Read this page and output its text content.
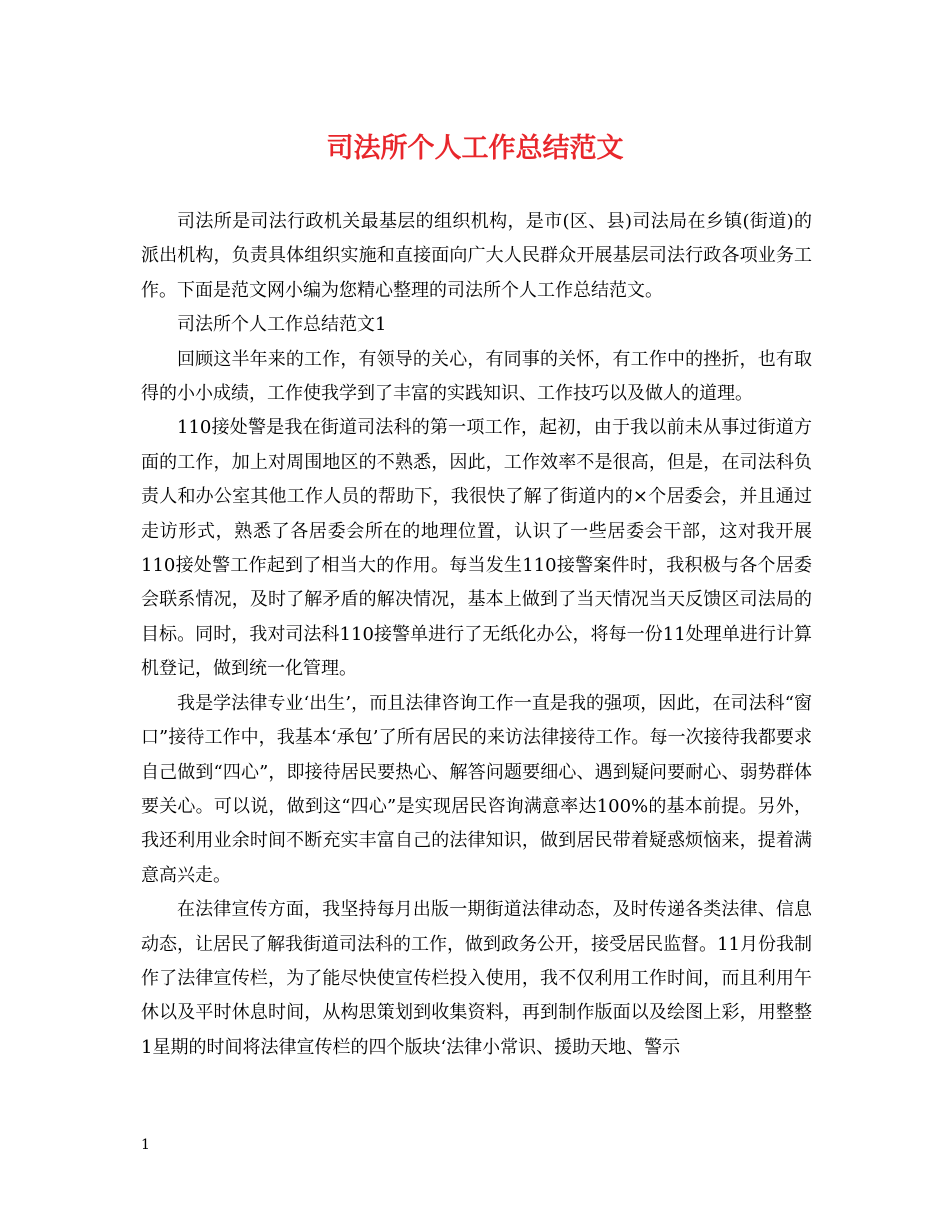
司法所个人工作总结范文

司法所是司法行政机关最基层的组织机构，是市(区、县)司法局在乡镇(街道)的派出机构，负责具体组织实施和直接面向广大人民群众开展基层司法行政各项业务工作。下面是范文网小编为您精心整理的司法所个人工作总结范文。

司法所个人工作总结范文1

回顾这半年来的工作，有领导的关心，有同事的关怀，有工作中的挫折，也有取得的小小成绩，工作使我学到了丰富的实践知识、工作技巧以及做人的道理。

110接处警是我在街道司法科的第一项工作，起初，由于我以前未从事过街道方面的工作，加上对周围地区的不熟悉，因此，工作效率不是很高，但是，在司法科负责人和办公室其他工作人员的帮助下，我很快了解了街道内的×个居委会，并且通过走访形式，熟悉了各居委会所在的地理位置，认识了一些居委会干部，这对我开展110接处警工作起到了相当大的作用。每当发生110接警案件时，我积极与各个居委会联系情况，及时了解矛盾的解决情况，基本上做到了当天情况当天反馈区司法局的目标。同时，我对司法科110接警单进行了无纸化办公，将每一份11处理单进行计算机登记，做到统一化管理。

我是学法律专业‘出生’，而且法律咨询工作一直是我的强项，因此，在司法科“窗口”接待工作中，我基本‘承包’了所有居民的来访法律接待工作。每一次接待我都要求自己做到“四心”，即接待居民要热心、解答问题要细心、遇到疑问要耐心、弱势群体要关心。可以说，做到这“四心”是实现居民咨询满意率达100%的基本前提。另外，我还利用业余时间不断充实丰富自己的法律知识，做到居民带着疑惑烦恼来，提着满意高兴走。

在法律宣传方面，我坚持每月出版一期街道法律动态，及时传递各类法律、信息动态，让居民了解我街道司法科的工作，做到政务公开，接受居民监督。11月份我制作了法律宣传栏，为了能尽快使宣传栏投入使用，我不仅利用工作时间，而且利用午休以及平时休息时间，从构思策划到收集资料，再到制作版面以及绘图上彩，用整整1星期的时间将法律宣传栏的四个版块‘法律小常识、援助天地、警示

1
